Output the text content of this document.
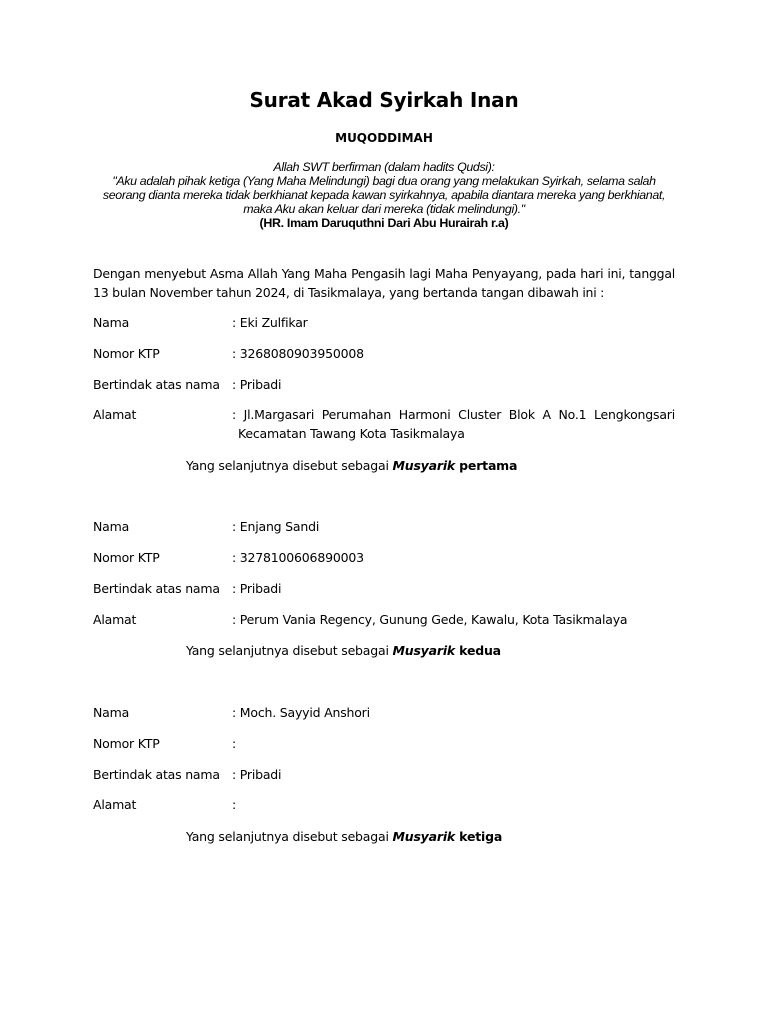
Surat Akad Syirkah Inan
MUQODDIMAH
Allah SWT berfirman (dalam hadits Qudsi):
"Aku adalah pihak ketiga (Yang Maha Melindungi) bagi dua orang yang melakukan Syirkah, selama salah
seorang dianta mereka tidak berkhianat kepada kawan syirkahnya, apabila diantara mereka yang berkhianat,
maka Aku akan keluar dari mereka (tidak melindungi)."
(HR. Imam Daruquthni Dari Abu Hurairah r.a)
Dengan menyebut Asma Allah Yang Maha Pengasih lagi Maha Penyayang, pada hari ini, tanggal 13 bulan November tahun 2024, di Tasikmalaya, yang bertanda tangan dibawah ini :
Nama	: Eki Zulfikar
Nomor KTP	: 3268080903950008
Bertindak atas nama : Pribadi
Alamat	: Jl.Margasari Perumahan Harmoni Cluster Blok A No.1 Lengkongsari
Kecamatan Tawang Kota Tasikmalaya
Yang selanjutnya disebut sebagai Musyarik pertama
Nama	: Enjang Sandi
Nomor KTP	: 3278100606890003
Bertindak atas nama : Pribadi
Alamat	: Perum Vania Regency, Gunung Gede, Kawalu, Kota Tasikmalaya
Yang selanjutnya disebut sebagai Musyarik kedua
Nama	: Moch. Sayyid Anshori
Nomor KTP	:
Bertindak atas nama : Pribadi
Alamat	:
Yang selanjutnya disebut sebagai Musyarik ketiga
